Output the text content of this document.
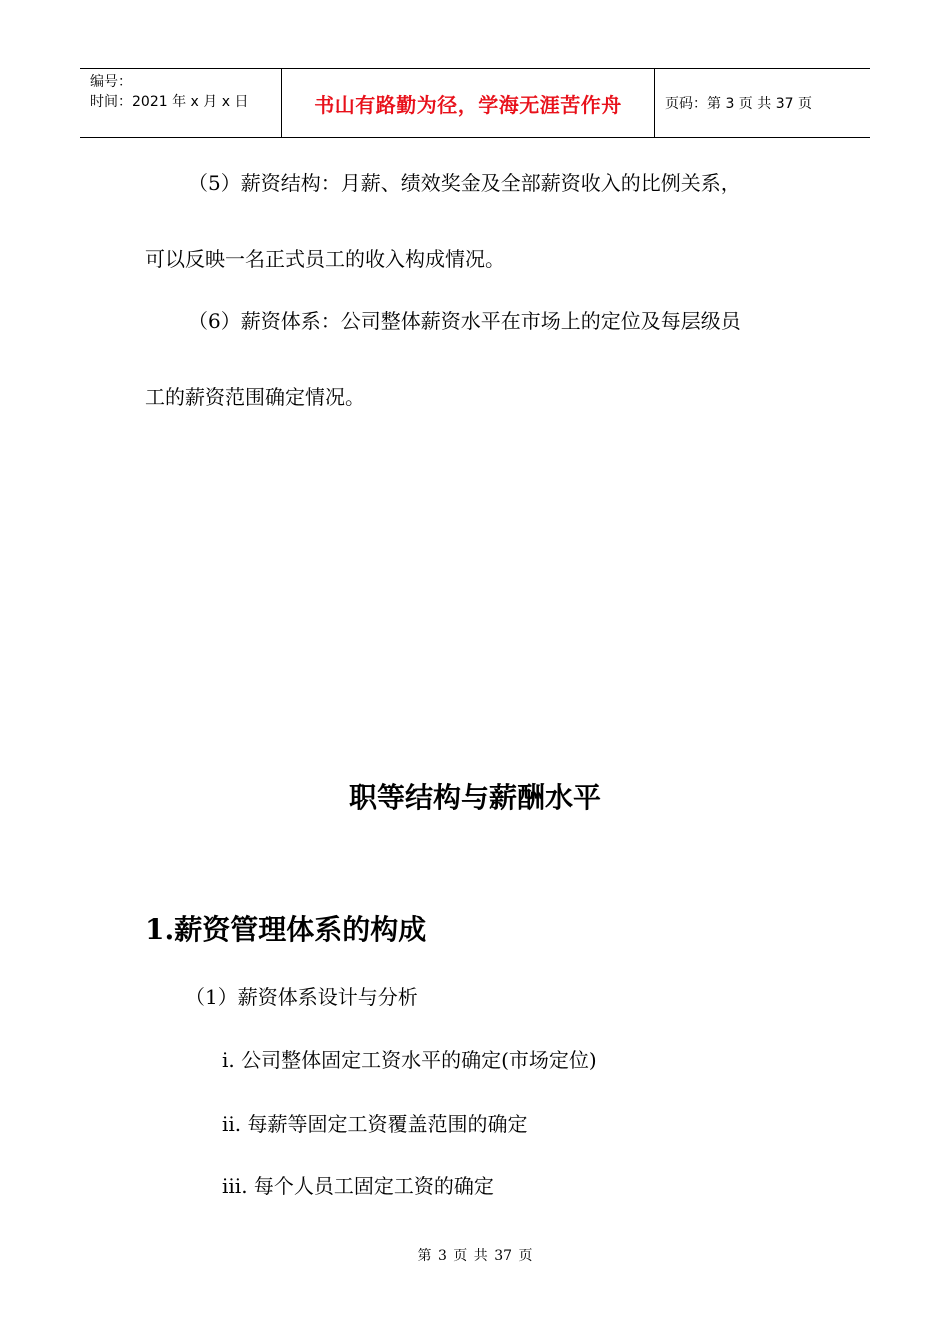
编号：
时间：2021 年 x 月 x 日	书山有路勤为径，学海无涯苦作舟	页码：第 3 页 共 37 页
（5）薪资结构：月薪、绩效奖金及全部薪资收入的比例关系，
可以反映一名正式员工的收入构成情况。
（6）薪资体系：公司整体薪资水平在市场上的定位及每层级员
工的薪资范围确定情况。
职等结构与薪酬水平
1.薪资管理体系的构成
（1）薪资体系设计与分析
ⅰ. 公司整体固定工资水平的确定(市场定位)
ⅱ. 每薪等固定工资覆盖范围的确定
ⅲ. 每个人员工固定工资的确定
第 3 页 共 37 页
